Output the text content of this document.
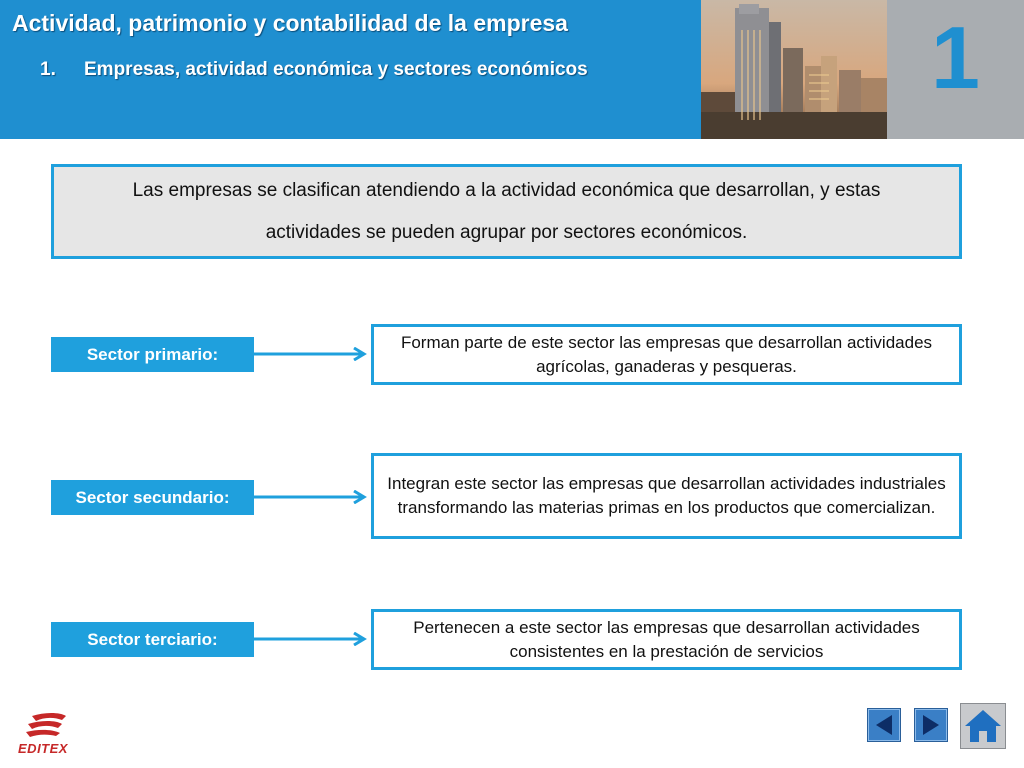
Actividad, patrimonio y contabilidad de la empresa
1. Empresas, actividad económica y sectores económicos	1

Las empresas se clasifican atendiendo a la actividad económica que desarrollan, y estas actividades se pueden agrupar por sectores económicos.

Sector primario:

Forman parte de este sector las empresas que desarrollan actividades agrícolas, ganaderas y pesqueras.

Sector secundario:

Integran este sector las empresas que desarrollan actividades industriales transformando las materias primas en los productos que comercializan.

Sector terciario:

Pertenecen a este sector las empresas que desarrollan actividades consistentes en la prestación de servicios

EDITEX
